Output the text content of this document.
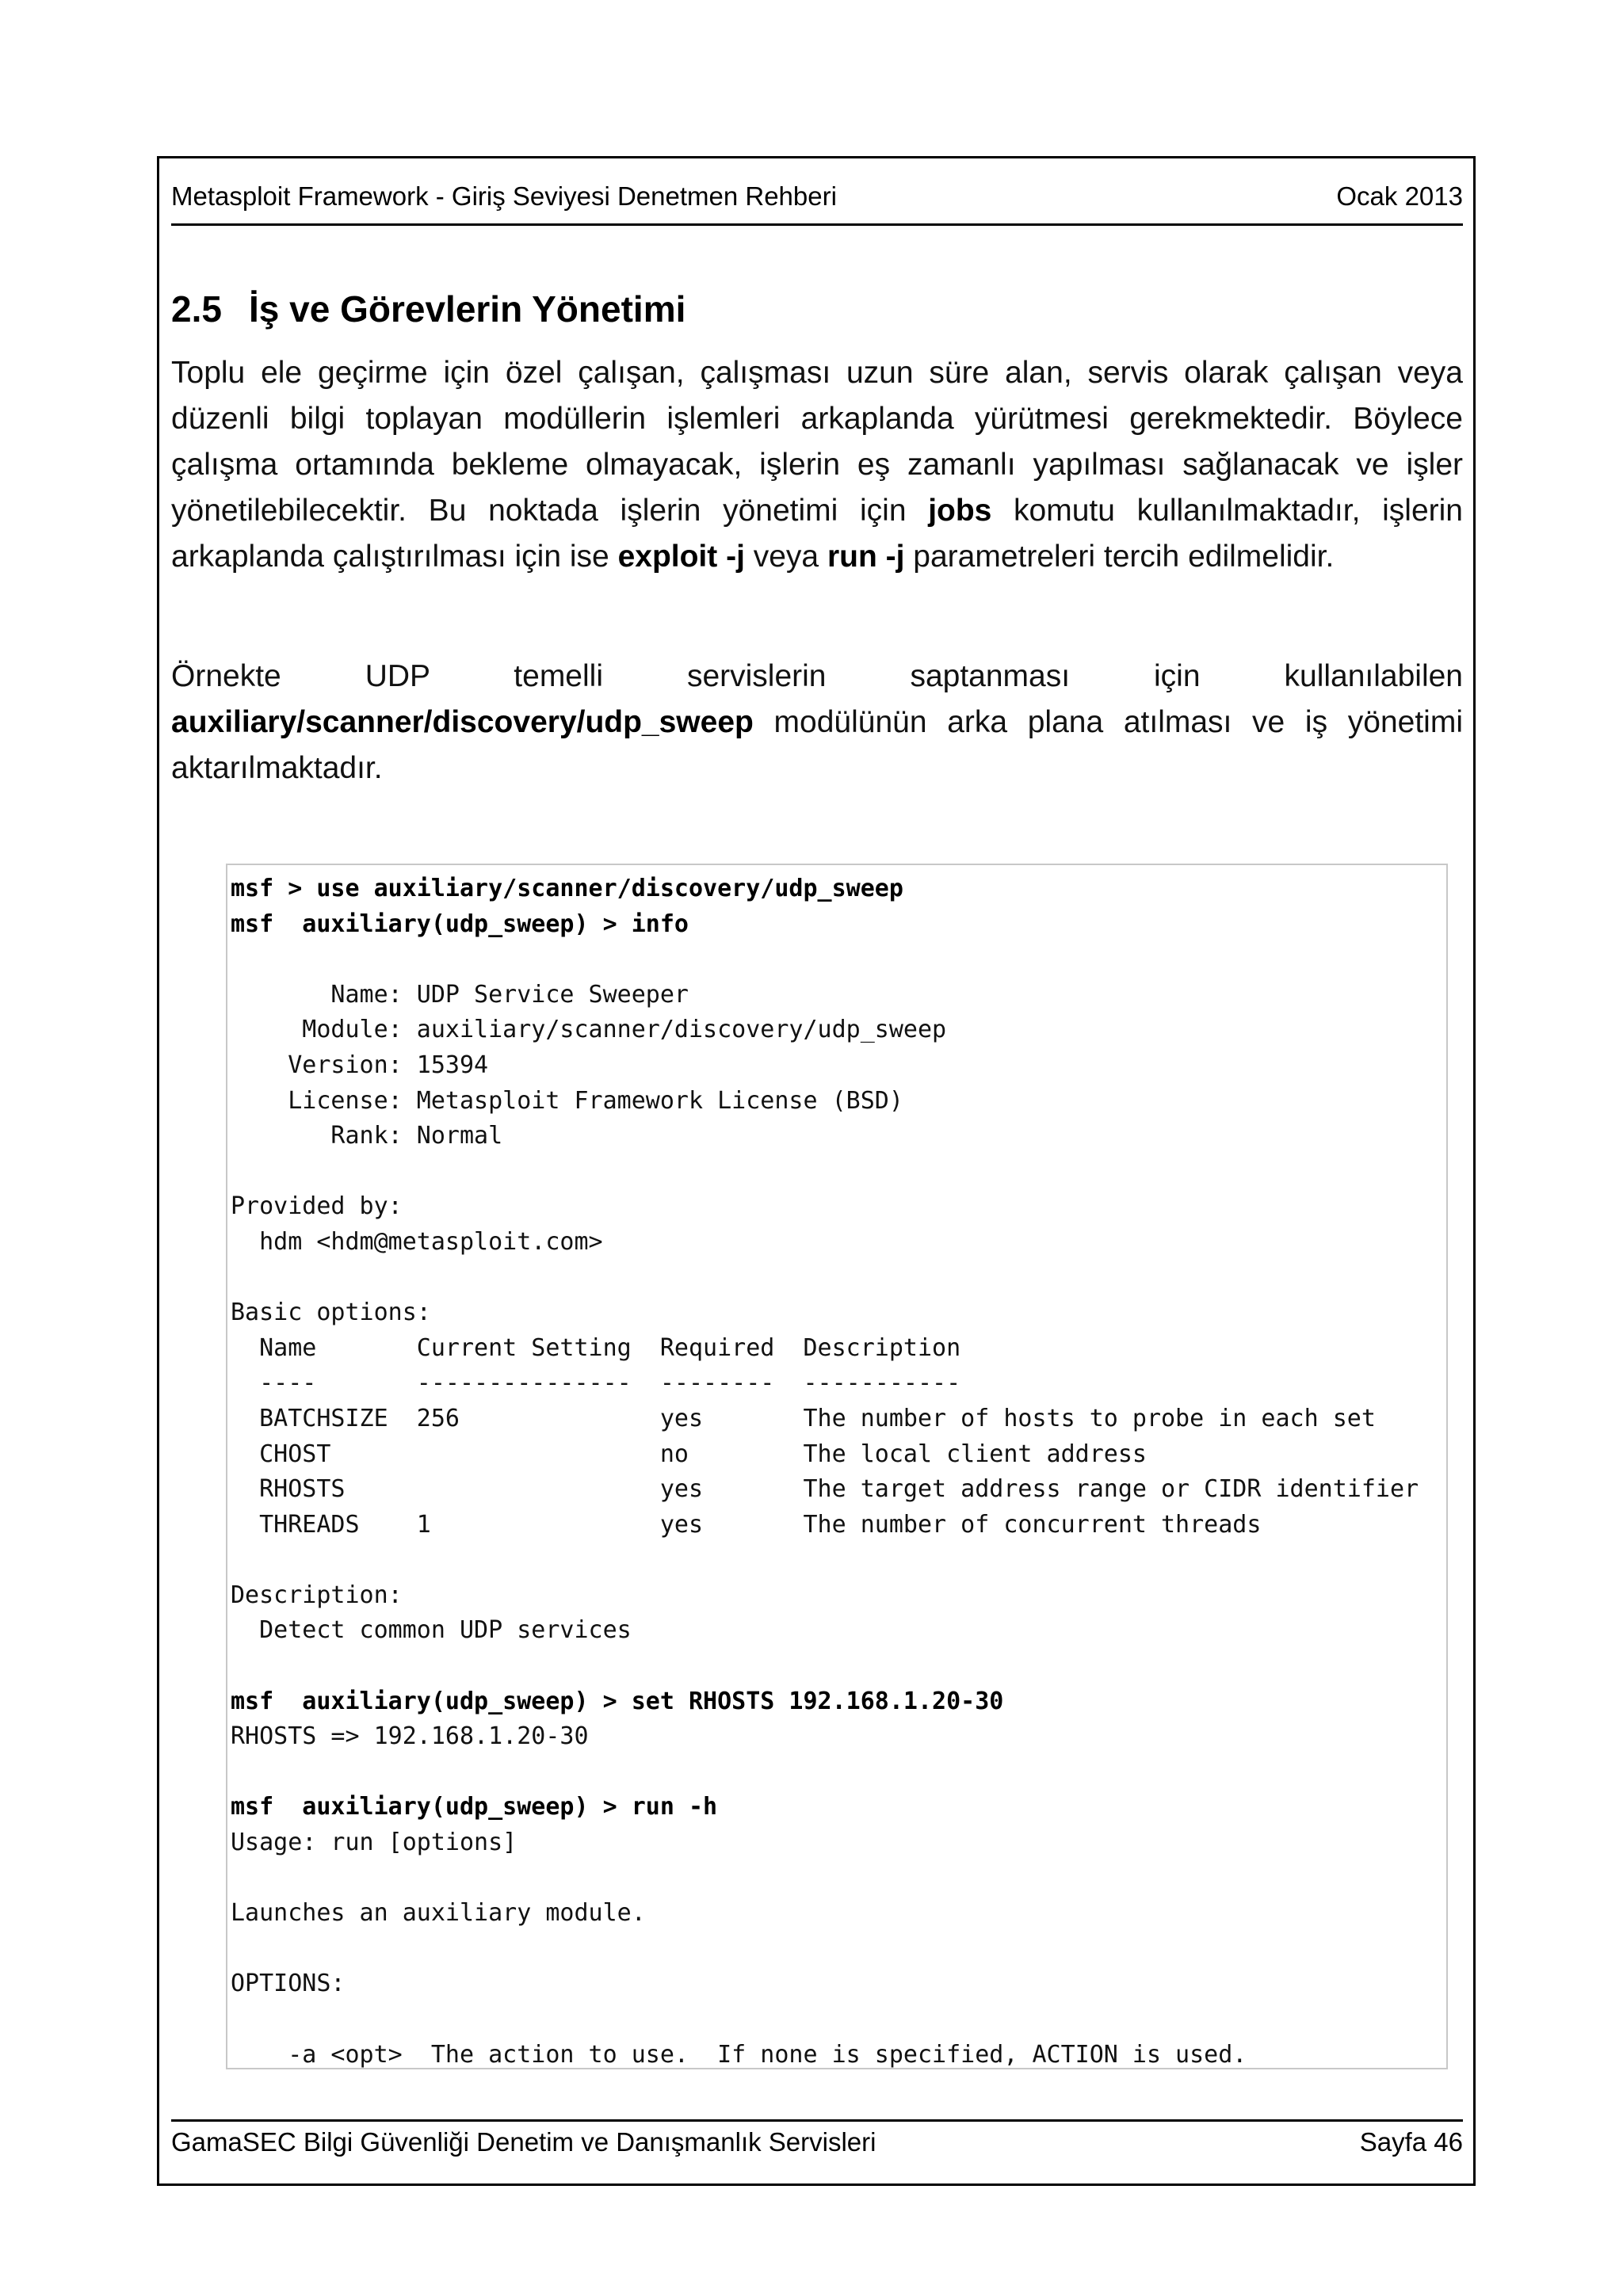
Metasploit Framework - Giriş Seviyesi Denetmen Rehberi	Ocak 2013
2.5 İş ve Görevlerin Yönetimi

Toplu ele geçirme için özel çalışan, çalışması uzun süre alan, servis olarak çalışan veya düzenli bilgi toplayan modüllerin işlemleri arkaplanda yürütmesi gerekmektedir. Böylece çalışma ortamında bekleme olmayacak, işlerin eş zamanlı yapılması sağlanacak ve işler yönetilebilecektir. Bu noktada işlerin yönetimi için jobs komutu kullanılmaktadır, işlerin arkaplanda çalıştırılması için ise exploit -j veya run -j parametreleri tercih edilmelidir.

Örnekte UDP temelli servislerin saptanması için kullanılabilen auxiliary/scanner/discovery/udp_sweep modülünün arka plana atılması ve iş yönetimi aktarılmaktadır.

msf > use auxiliary/scanner/discovery/udp_sweep
msf  auxiliary(udp_sweep) > info

Name: UDP Service Sweeper
Module: auxiliary/scanner/discovery/udp_sweep
Version: 15394
License: Metasploit Framework License (BSD)
Rank: Normal

Provided by:
hdm <hdm@metasploit.com>

Basic options:
Name       Current Setting  Required  Description
----       ---------------  --------  -----------
BATCHSIZE  256              yes       The number of hosts to probe in each set
CHOST                       no        The local client address
RHOSTS                      yes       The target address range or CIDR identifier
THREADS    1                yes       The number of concurrent threads

Description:
Detect common UDP services

msf  auxiliary(udp_sweep) > set RHOSTS 192.168.1.20-30
RHOSTS => 192.168.1.20-30

msf  auxiliary(udp_sweep) > run -h
Usage: run [options]

Launches an auxiliary module.

OPTIONS:

-a <opt>  The action to use.  If none is specified, ACTION is used.
GamaSEC Bilgi Güvenliği Denetim ve Danışmanlık Servisleri	Sayfa 46
